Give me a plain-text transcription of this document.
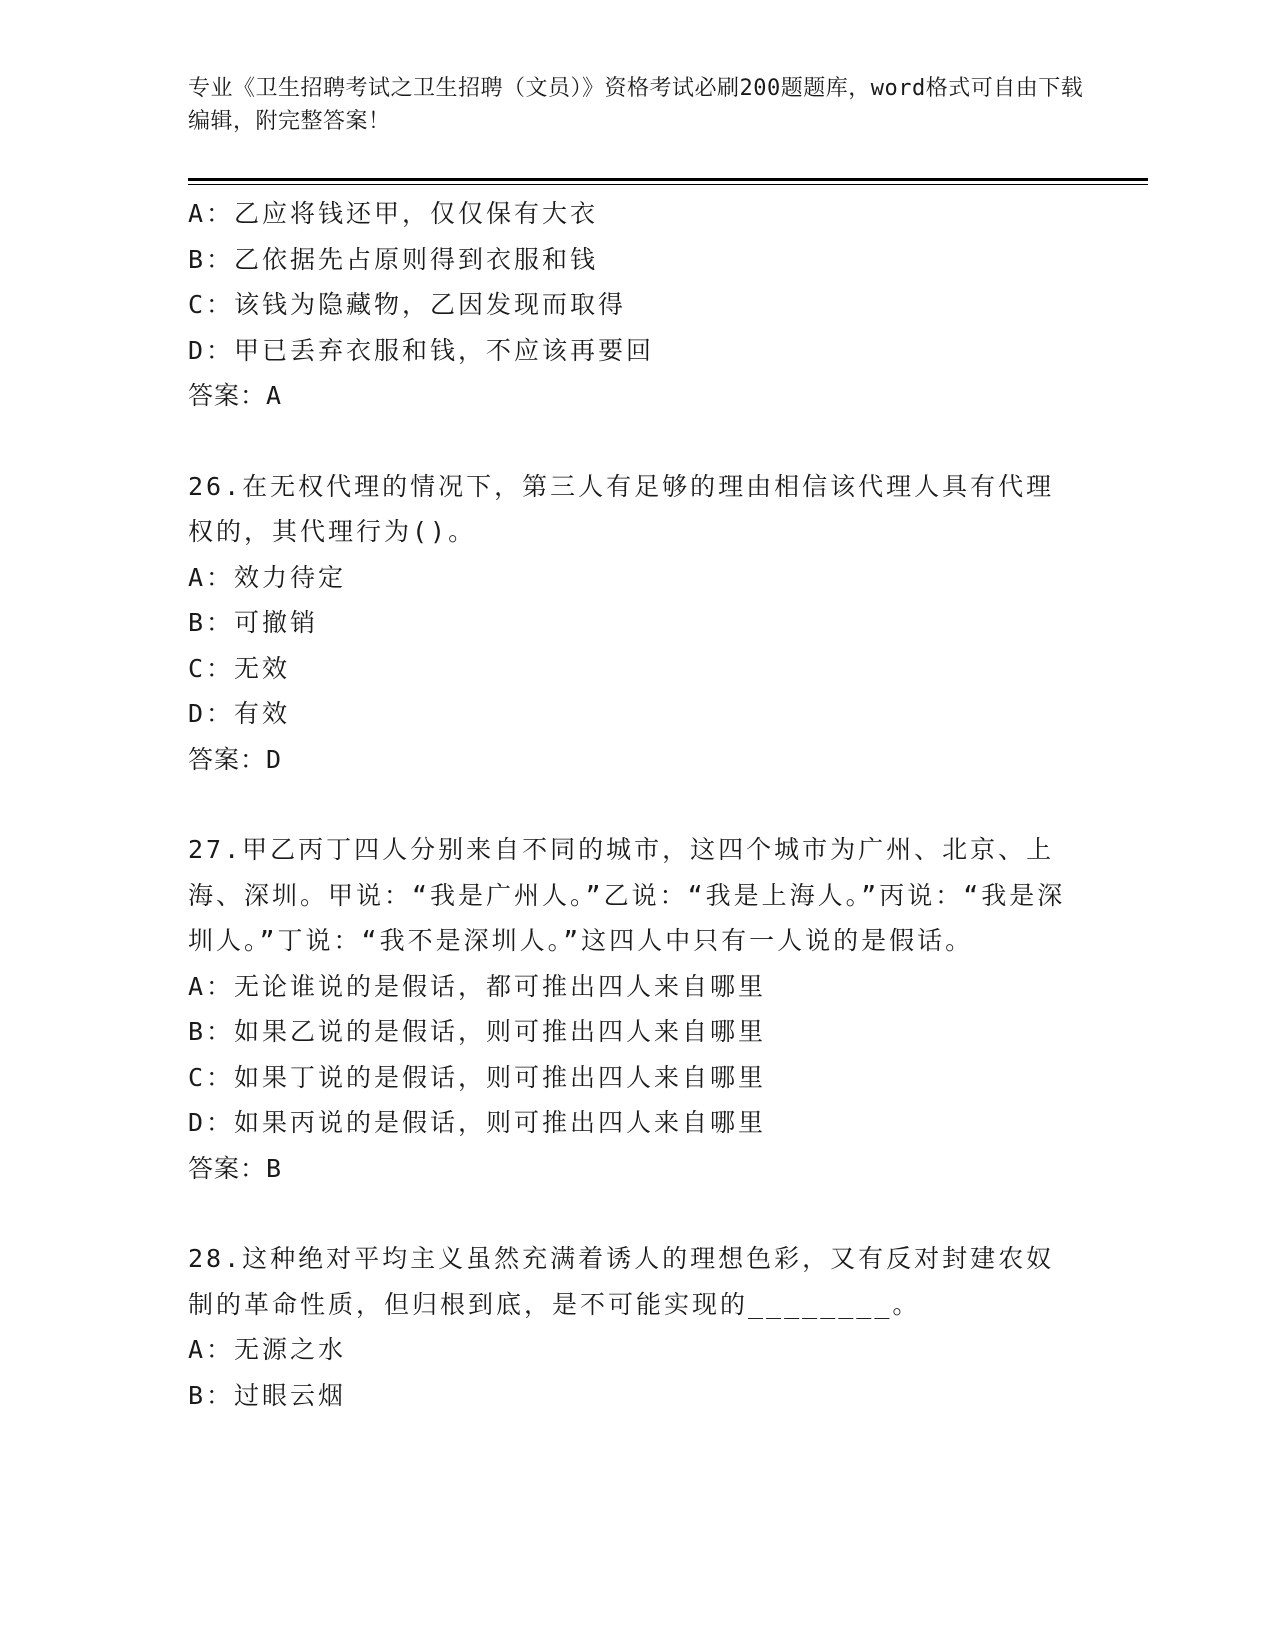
专业《卫生招聘考试之卫生招聘（文员）》资格考试必刷200题题库，word格式可自由下载编辑，附完整答案！
A：乙应将钱还甲，仅仅保有大衣
B：乙依据先占原则得到衣服和钱
C：该钱为隐藏物，乙因发现而取得
D：甲已丢弃衣服和钱，不应该再要回
答案：A
26.在无权代理的情况下，第三人有足够的理由相信该代理人具有代理权的，其代理行为()。
A：效力待定
B：可撤销
C：无效
D：有效
答案：D
27.甲乙丙丁四人分别来自不同的城市，这四个城市为广州、北京、上海、深圳。甲说：“我是广州人。”乙说：“我是上海人。”丙说：“我是深圳人。”丁说：“我不是深圳人。”这四人中只有一人说的是假话。
A：无论谁说的是假话，都可推出四人来自哪里
B：如果乙说的是假话，则可推出四人来自哪里
C：如果丁说的是假话，则可推出四人来自哪里
D：如果丙说的是假话，则可推出四人来自哪里
答案：B
28.这种绝对平均主义虽然充满着诱人的理想色彩，又有反对封建农奴制的革命性质，但归根到底，是不可能实现的________。
A：无源之水
B：过眼云烟
